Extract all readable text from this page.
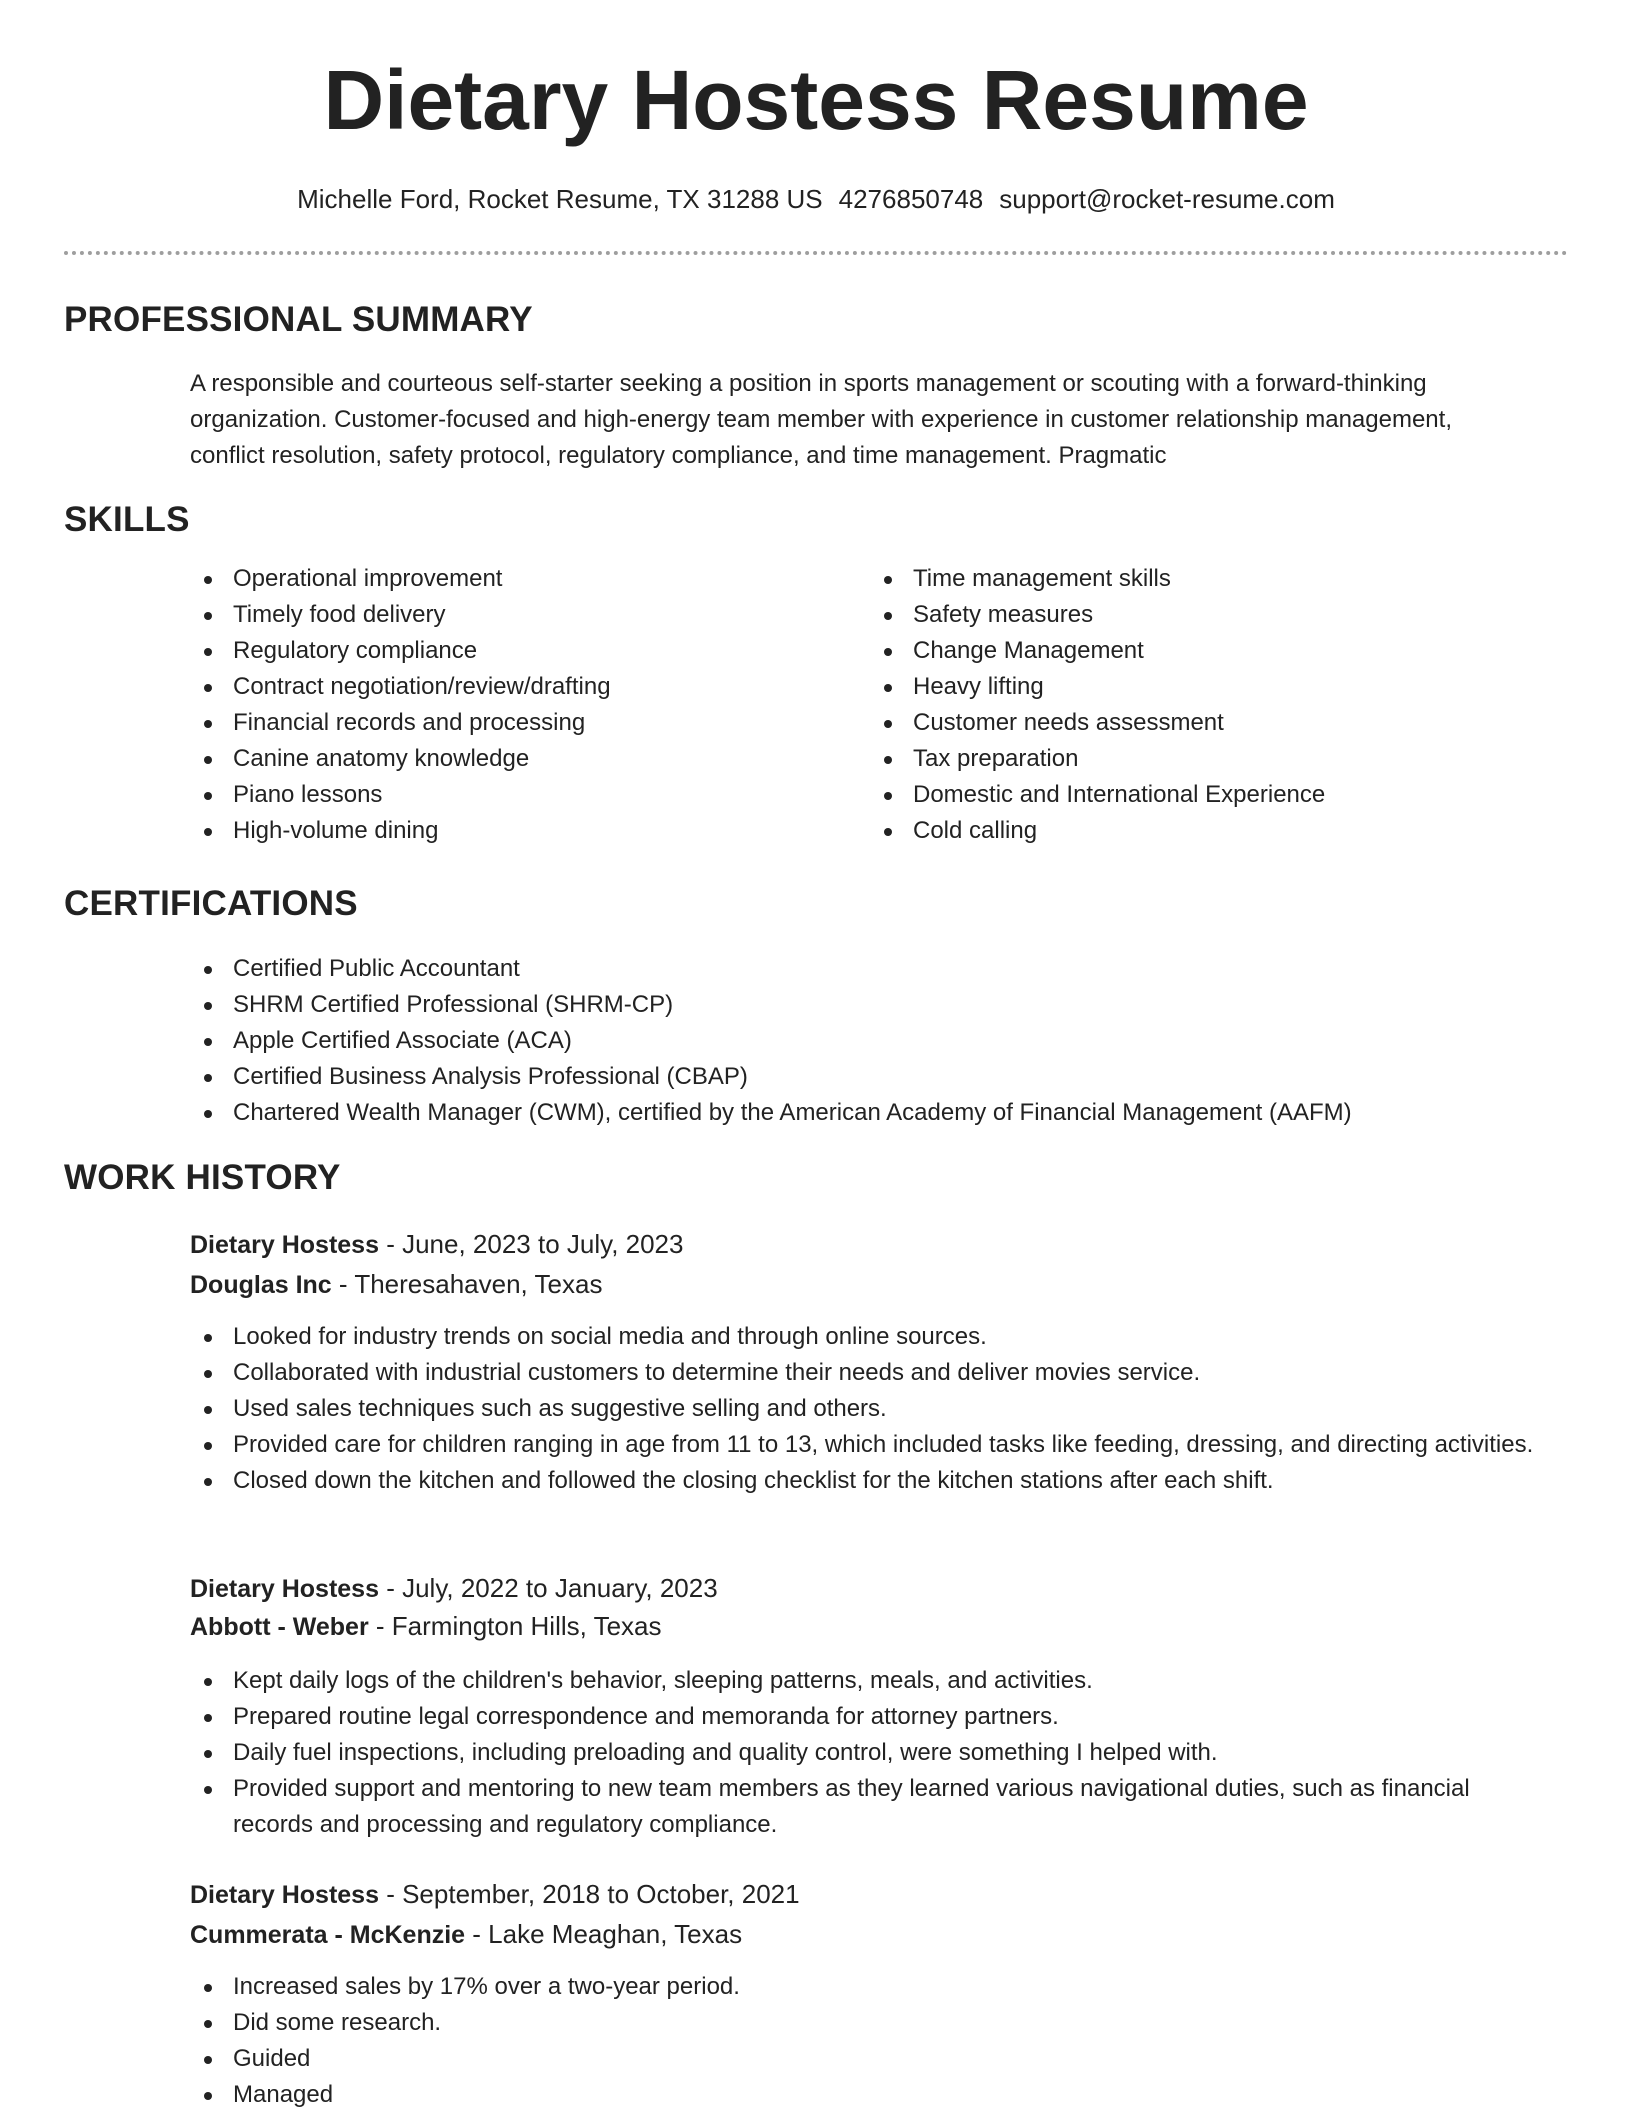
Dietary Hostess Resume
Michelle Ford, Rocket Resume, TX 31288 US 4276850748 support@rocket-resume.com
PROFESSIONAL SUMMARY

A responsible and courteous self-starter seeking a position in sports management or scouting with a forward-thinking organization. Customer-focused and high-energy team member with experience in customer relationship management, conflict resolution, safety protocol, regulatory compliance, and time management. Pragmatic

SKILLS
Operational improvement
Timely food delivery
Regulatory compliance
Contract negotiation/review/drafting
Financial records and processing
Canine anatomy knowledge
Piano lessons
High-volume dining
Time management skills
Safety measures
Change Management
Heavy lifting
Customer needs assessment
Tax preparation
Domestic and International Experience
Cold calling
CERTIFICATIONS
Certified Public Accountant
SHRM Certified Professional (SHRM-CP)
Apple Certified Associate (ACA)
Certified Business Analysis Professional (CBAP)
Chartered Wealth Manager (CWM), certified by the American Academy of Financial Management (AAFM)
WORK HISTORY
Dietary Hostess - June, 2023 to July, 2023
Douglas Inc - Theresahaven, Texas
Looked for industry trends on social media and through online sources.
Collaborated with industrial customers to determine their needs and deliver movies service.
Used sales techniques such as suggestive selling and others.
Provided care for children ranging in age from 11 to 13, which included tasks like feeding, dressing, and directing activities.
Closed down the kitchen and followed the closing checklist for the kitchen stations after each shift.
Dietary Hostess - July, 2022 to January, 2023
Abbott - Weber - Farmington Hills, Texas
Kept daily logs of the children's behavior, sleeping patterns, meals, and activities.
Prepared routine legal correspondence and memoranda for attorney partners.
Daily fuel inspections, including preloading and quality control, were something I helped with.
Provided support and mentoring to new team members as they learned various navigational duties, such as financial records and processing and regulatory compliance.
Dietary Hostess - September, 2018 to October, 2021
Cummerata - McKenzie - Lake Meaghan, Texas
Increased sales by 17% over a two-year period.
Did some research.
Guided
Managed
